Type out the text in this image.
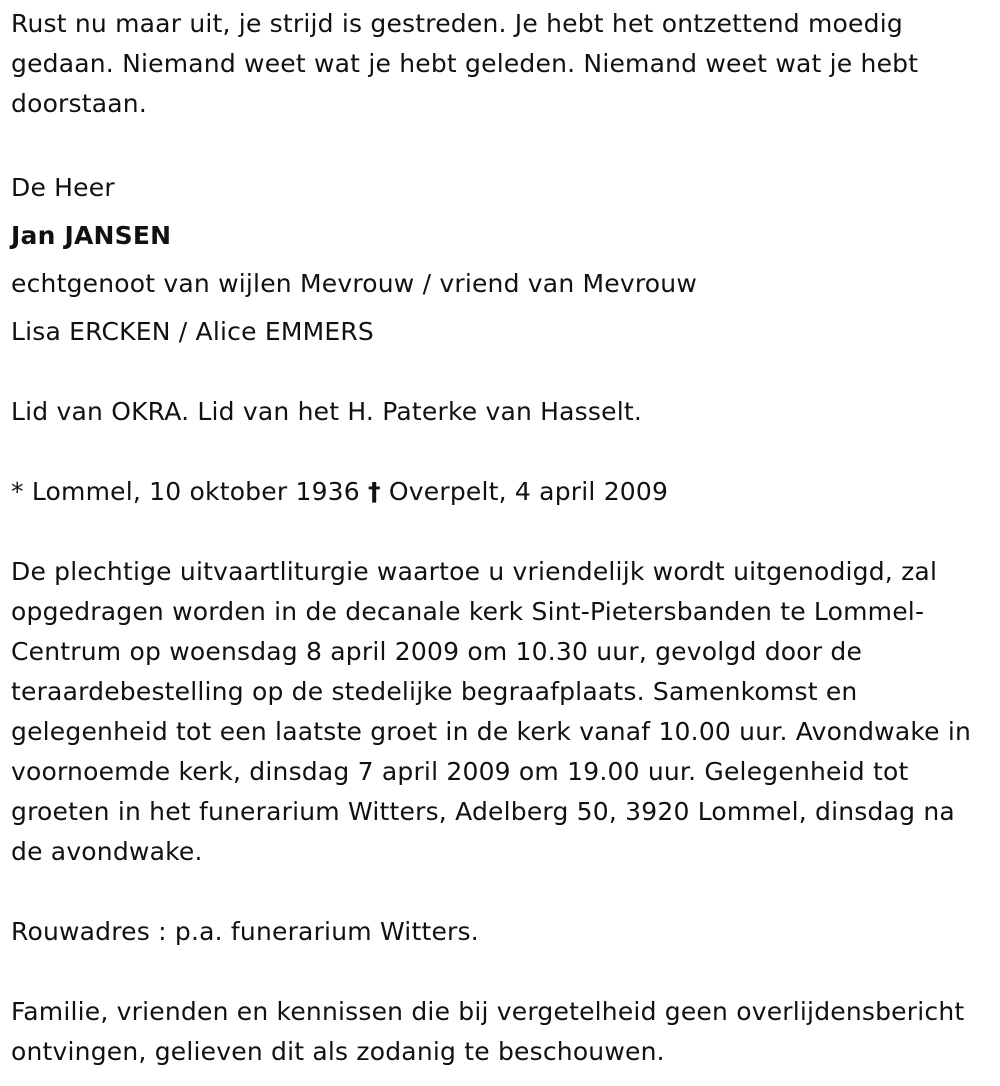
Rust nu maar uit, je strijd is gestreden. Je hebt het ontzettend moedig gedaan. Niemand weet wat je hebt geleden. Niemand weet wat je hebt doorstaan.

De Heer
Jan JANSEN
echtgenoot van wijlen Mevrouw / vriend van Mevrouw
Lisa ERCKEN / Alice EMMERS

Lid van OKRA. Lid van het H. Paterke van Hasselt.

* Lommel, 10 oktober 1936 † Overpelt, 4 april 2009

De plechtige uitvaartliturgie waartoe u vriendelijk wordt uitgenodigd, zal opgedragen worden in de decanale kerk Sint-Pietersbanden te Lommel-Centrum op woensdag 8 april 2009 om 10.30 uur, gevolgd door de teraardebestelling op de stedelijke begraafplaats. Samenkomst en gelegenheid tot een laatste groet in de kerk vanaf 10.00 uur. Avondwake in voornoemde kerk, dinsdag 7 april 2009 om 19.00 uur. Gelegenheid tot groeten in het funerarium Witters, Adelberg 50, 3920 Lommel, dinsdag na de avondwake.

Rouwadres : p.a. funerarium Witters.

Familie, vrienden en kennissen die bij vergetelheid geen overlijdensbericht ontvingen, gelieven dit als zodanig te beschouwen.
